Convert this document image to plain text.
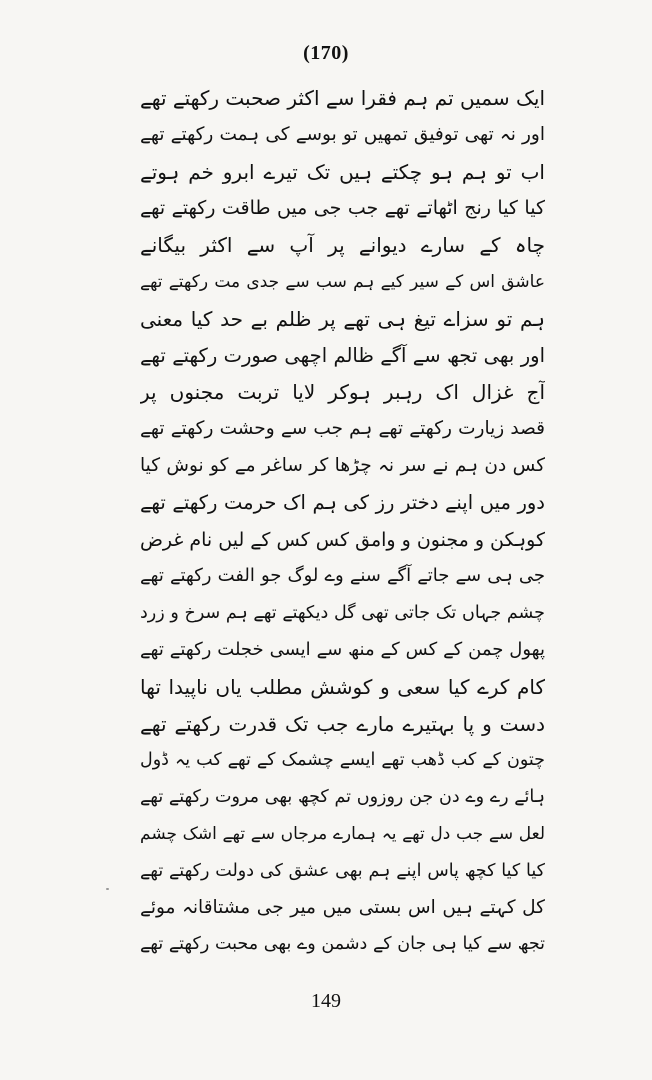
(170)
ایک سمیں تم ہم فقرا سے اکثر صحبت رکھتے تھے
اور نہ تھی توفیق تمھیں تو بوسے کی ہمت رکھتے تھے
اب تو ہم ہو چکتے ہیں تک تیرے ابرو خم ہوتے
کیا کیا رنج اٹھاتے تھے جب جی میں طاقت رکھتے تھے
چاہ کے سارے دیوانے پر آپ سے اکثر بیگانے
عاشق اس کے سیر کیے ہم سب سے جدی مت رکھتے تھے
ہم تو سزاے تیغ ہی تھے پر ظلم بے حد کیا معنی
اور بھی تجھ سے آگے ظالم اچھی صورت رکھتے تھے
آج غزال اک رہبر ہوکر لایا تربت مجنوں پر
قصد زیارت رکھتے تھے ہم جب سے وحشت رکھتے تھے
کس دن ہم نے سر نہ چڑھا کر ساغر مے کو نوش کیا
دور میں اپنے دختر رز کی ہم اک حرمت رکھتے تھے
کوہکن و مجنون و وامق کس کس کے لیں نام غرض
جی ہی سے جاتے آگے سنے وے لوگ جو الفت رکھتے تھے
چشم جہاں تک جاتی تھی گل دیکھتے تھے ہم سرخ و زرد
پھول چمن کے کس کے منھ سے ایسی خجلت رکھتے تھے
کام کرے کیا سعی و کوشش مطلب یاں ناپیدا تھا
دست و پا بہتیرے مارے جب تک قدرت رکھتے تھے
چتون کے کب ڈھب تھے ایسے چشمک کے تھے کب یہ ڈول
ہائے رے وے دن جن روزوں تم کچھ بھی مروت رکھتے تھے
لعل سے جب دل تھے یہ ہمارے مرجاں سے تھے اشک چشم
کیا کیا کچھ پاس اپنے ہم بھی عشق کی دولت رکھتے تھے
کل کہتے ہیں اس بستی میں میر جی مشتاقانہ موئے
تجھ سے کیا ہی جان کے دشمن وے بھی محبت رکھتے تھے
149
